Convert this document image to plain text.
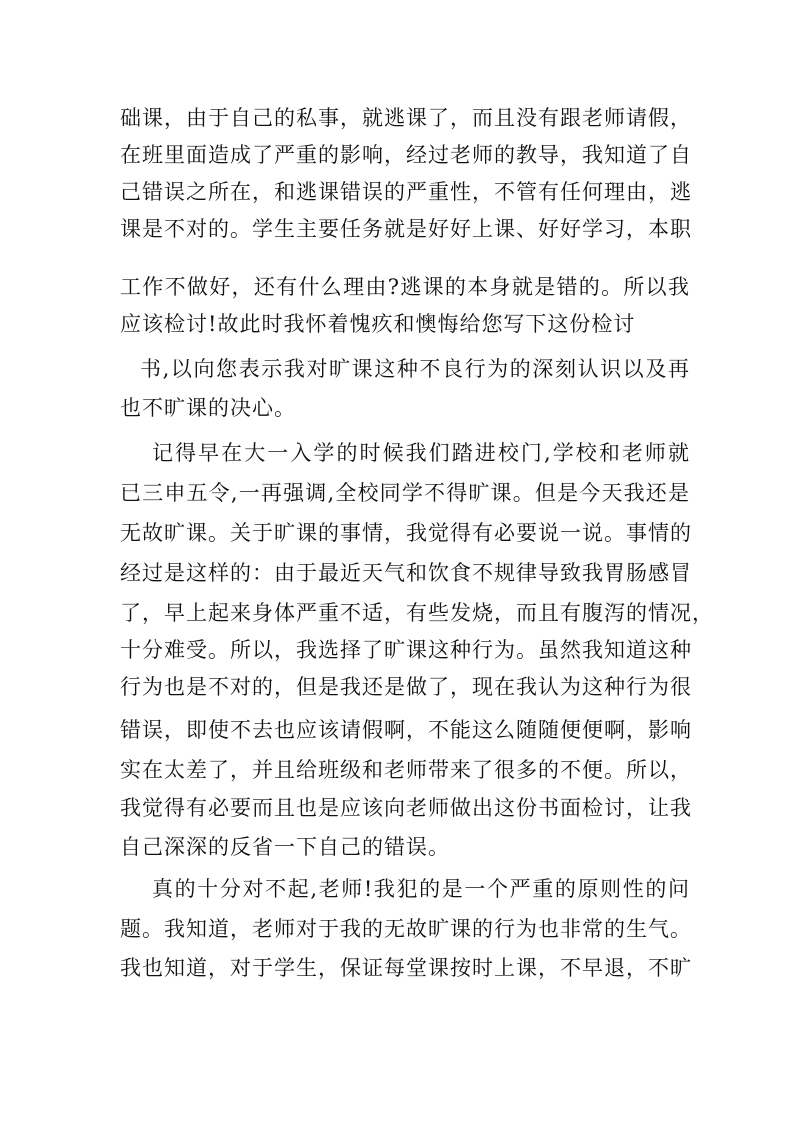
础课，由于自己的私事，就逃课了，而且没有跟老师请假，
在班里面造成了严重的影响，经过老师的教导，我知道了自
己错误之所在，和逃课错误的严重性，不管有任何理由，逃
课是不对的。学生主要任务就是好好上课、好好学习，本职
工作不做好，还有什么理由?逃课的本身就是错的。所以我
应该检讨!故此时我怀着愧疚和懊悔给您写下这份检讨
书,以向您表示我对旷课这种不良行为的深刻认识以及再
也不旷课的决心。
记得早在大一入学的时候我们踏进校门,学校和老师就
已三申五令,一再强调,全校同学不得旷课。但是今天我还是
无故旷课。关于旷课的事情，我觉得有必要说一说。事情的
经过是这样的：由于最近天气和饮食不规律导致我胃肠感冒
了，早上起来身体严重不适，有些发烧，而且有腹泻的情况，
十分难受。所以，我选择了旷课这种行为。虽然我知道这种
行为也是不对的，但是我还是做了，现在我认为这种行为很
错误，即使不去也应该请假啊，不能这么随随便便啊，影响
实在太差了，并且给班级和老师带来了很多的不便。所以，
我觉得有必要而且也是应该向老师做出这份书面检讨，让我
自己深深的反省一下自己的错误。
真的十分对不起,老师!我犯的是一个严重的原则性的问
题。我知道，老师对于我的无故旷课的行为也非常的生气。
我也知道，对于学生，保证每堂课按时上课，不早退，不旷
